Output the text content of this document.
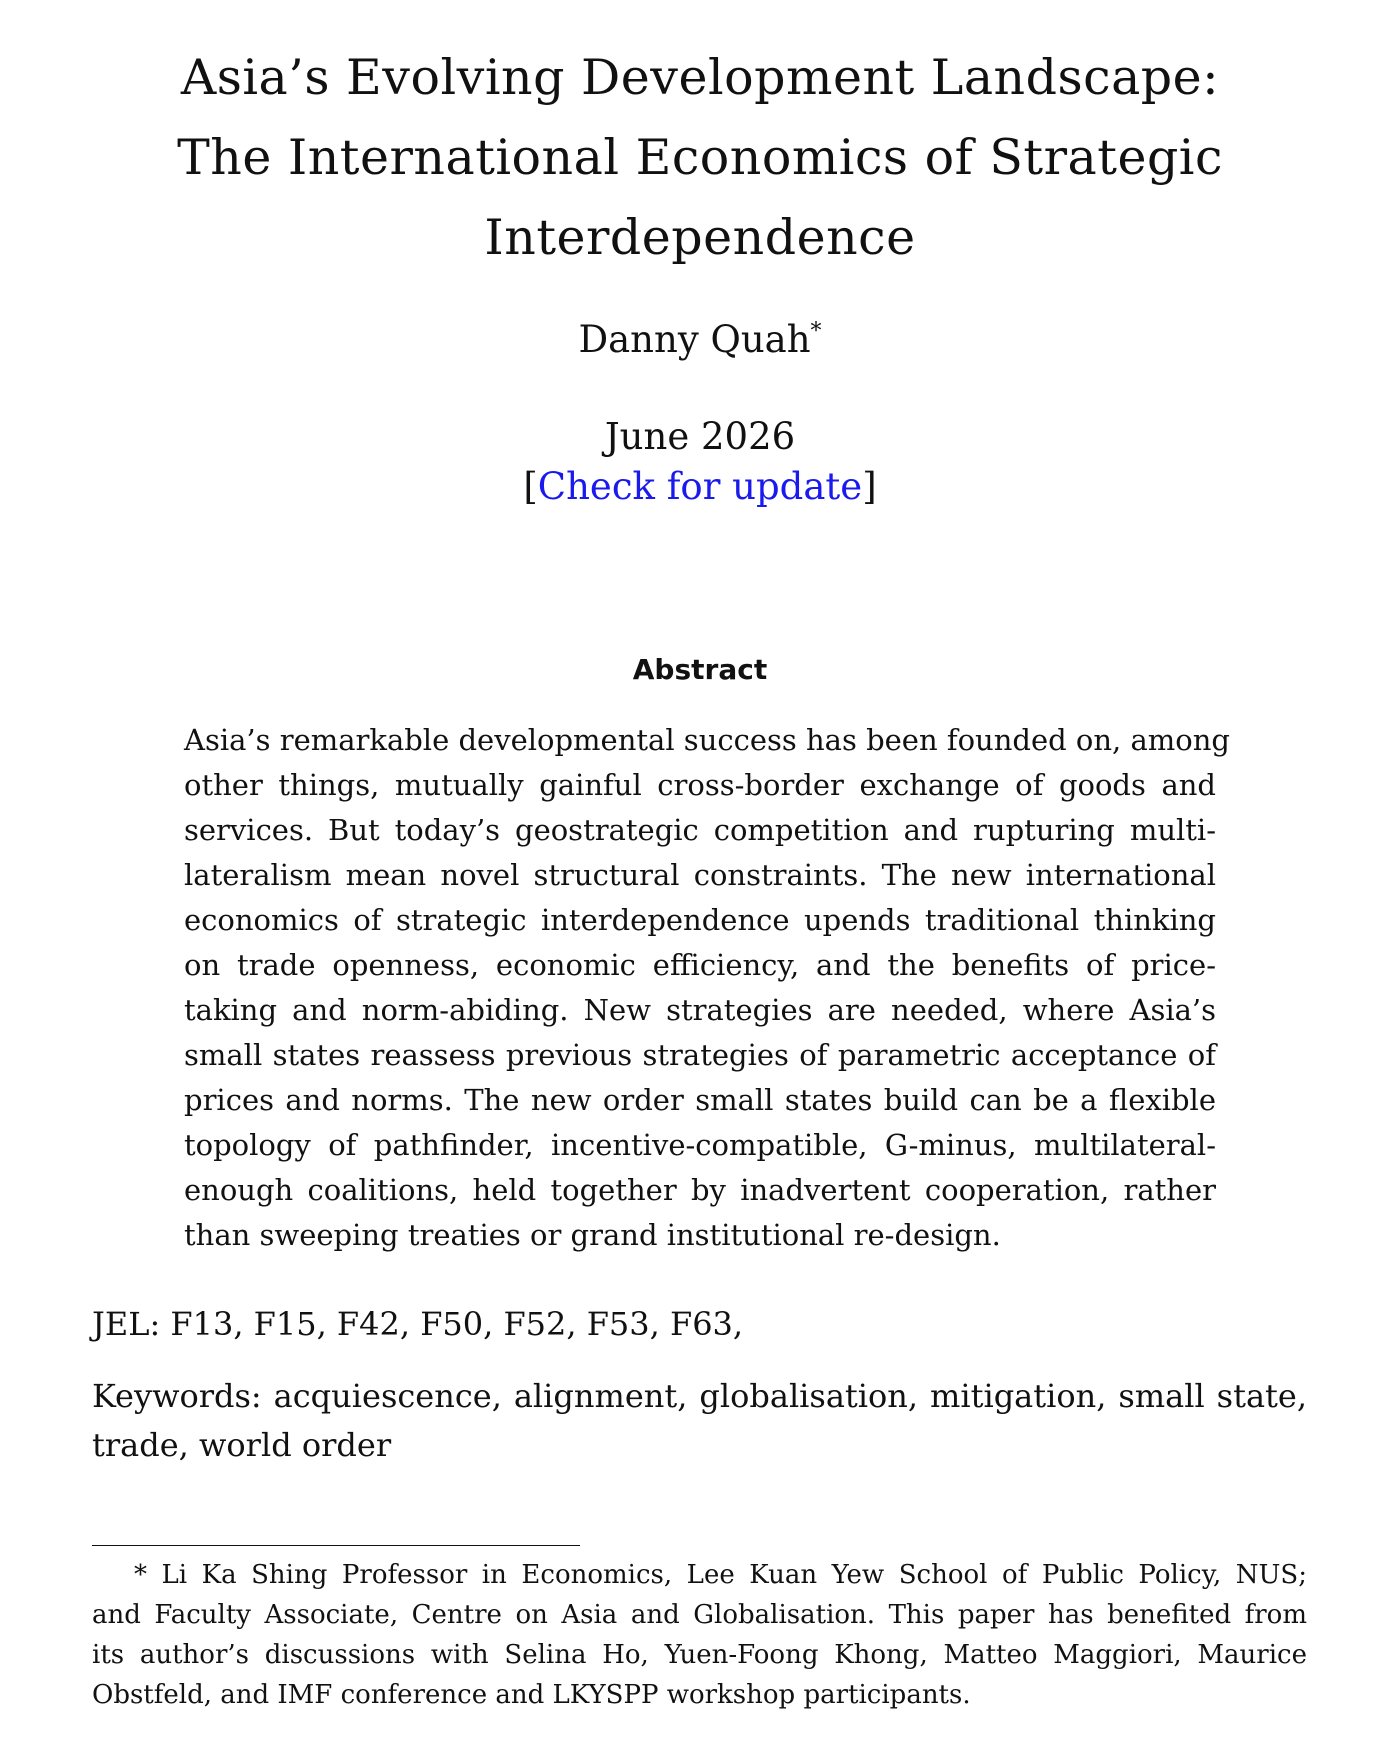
Asia’s Evolving Development Landscape:
The International Economics of Strategic
Interdependence
Danny Quah*
June 2026
[Check for update]
Abstract
Asia’s remarkable developmental success has been founded on, among
other things, mutually gainful cross-border exchange of goods and
services. But today’s geostrategic competition and rupturing multi-
lateralism mean novel structural constraints. The new international
economics of strategic interdependence upends traditional thinking
on trade openness, economic efficiency, and the benefits of price-
taking and norm-abiding. New strategies are needed, where Asia’s
small states reassess previous strategies of parametric acceptance of
prices and norms. The new order small states build can be a flexible
topology of pathfinder, incentive-compatible, G-minus, multilateral-
enough coalitions, held together by inadvertent cooperation, rather
than sweeping treaties or grand institutional re-design.
JEL: F13, F15, F42, F50, F52, F53, F63,
Keywords: acquiescence, alignment, globalisation, mitigation, small state,
trade, world order
* Li Ka Shing Professor in Economics, Lee Kuan Yew School of Public Policy, NUS;
and Faculty Associate, Centre on Asia and Globalisation. This paper has benefited from
its author’s discussions with Selina Ho, Yuen-Foong Khong, Matteo Maggiori, Maurice
Obstfeld, and IMF conference and LKYSPP workshop participants.
